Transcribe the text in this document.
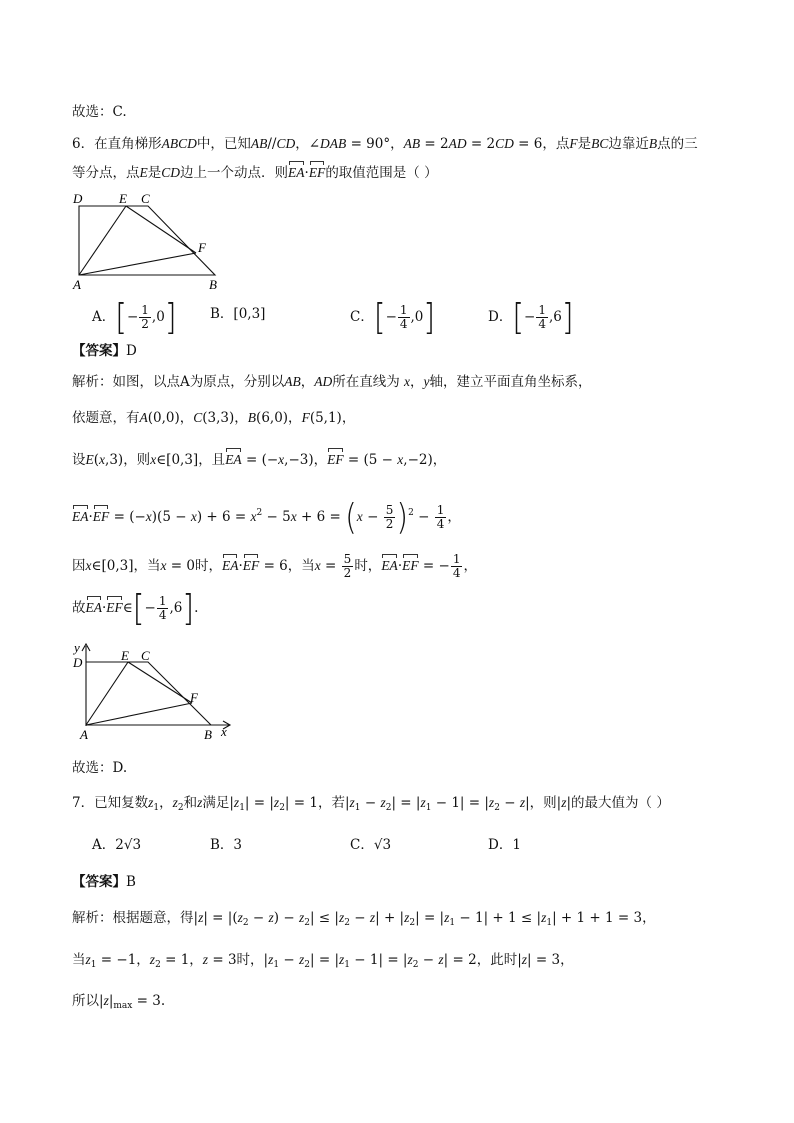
故选：C.
6．在直角梯形ABCD中，已知AB//CD，∠DAB = 90°，AB = 2AD = 2CD = 6，点F是BC边靠近B点的三
等分点，点E是CD边上一个动点．则EA·EF的取值范围是（ ）
D	E C
F
A	B
A．[− $\frac{1}{2} ,0$] B．[0,3]	C．[− $\frac{1}{4} ,0$]	D．[− $\frac{1}{4} ,6$]
【答案】D
解析：如图，以点A为原点，分别以AB，AD所在直线为 x，y轴，建立平面直角坐标系，
依题意，有A(0,0)，C(3,3)，B(6,0)，F(5,1)，
设E(x,3)，则x∈[0,3]，且EA = (−x,−3)，EF = (5 − x,−2)，
$EA\cdot EF = (-x)(5 - x) + 6 = x^2 - 5x + 6 = (x - \frac{5}{2} )^2 - \frac{1}{4}$ ，
因x∈[0,3]，当x = 0时，EA·EF = 6，当$x = \frac{5}{2}$ 时，EA·EF = − $\frac{1}{4}$ ，
故EA·EF∈[− $\frac{1}{4} ,6$].
y
D	E C
F
A	B x
故选：D.
7．已知复数$z_1$，$z_2$和z满足$|z_1| = |z_2| = 1$，若$|z_1 - z_2| = |z_1 - 1| = |z_2 - z|$，则|z|的最大值为（ ）
A．2√3	B．3	C．√3	D．1
【答案】B
解析：根据题意，得$|z| = |(z_2 - z) - z_2| \le |z_2 - z| + |z_2| = |z_1 - 1| + 1 \le |z_1| + 1 + 1 = 3$，
当$z_1 = -1$，$z_2 = 1$，z = 3时，$|z_1 - z_2| = |z_1 - 1| = |z_2 - z| = 2$，此时|z| = 3，
所以$|z|_{max} = 3$.
